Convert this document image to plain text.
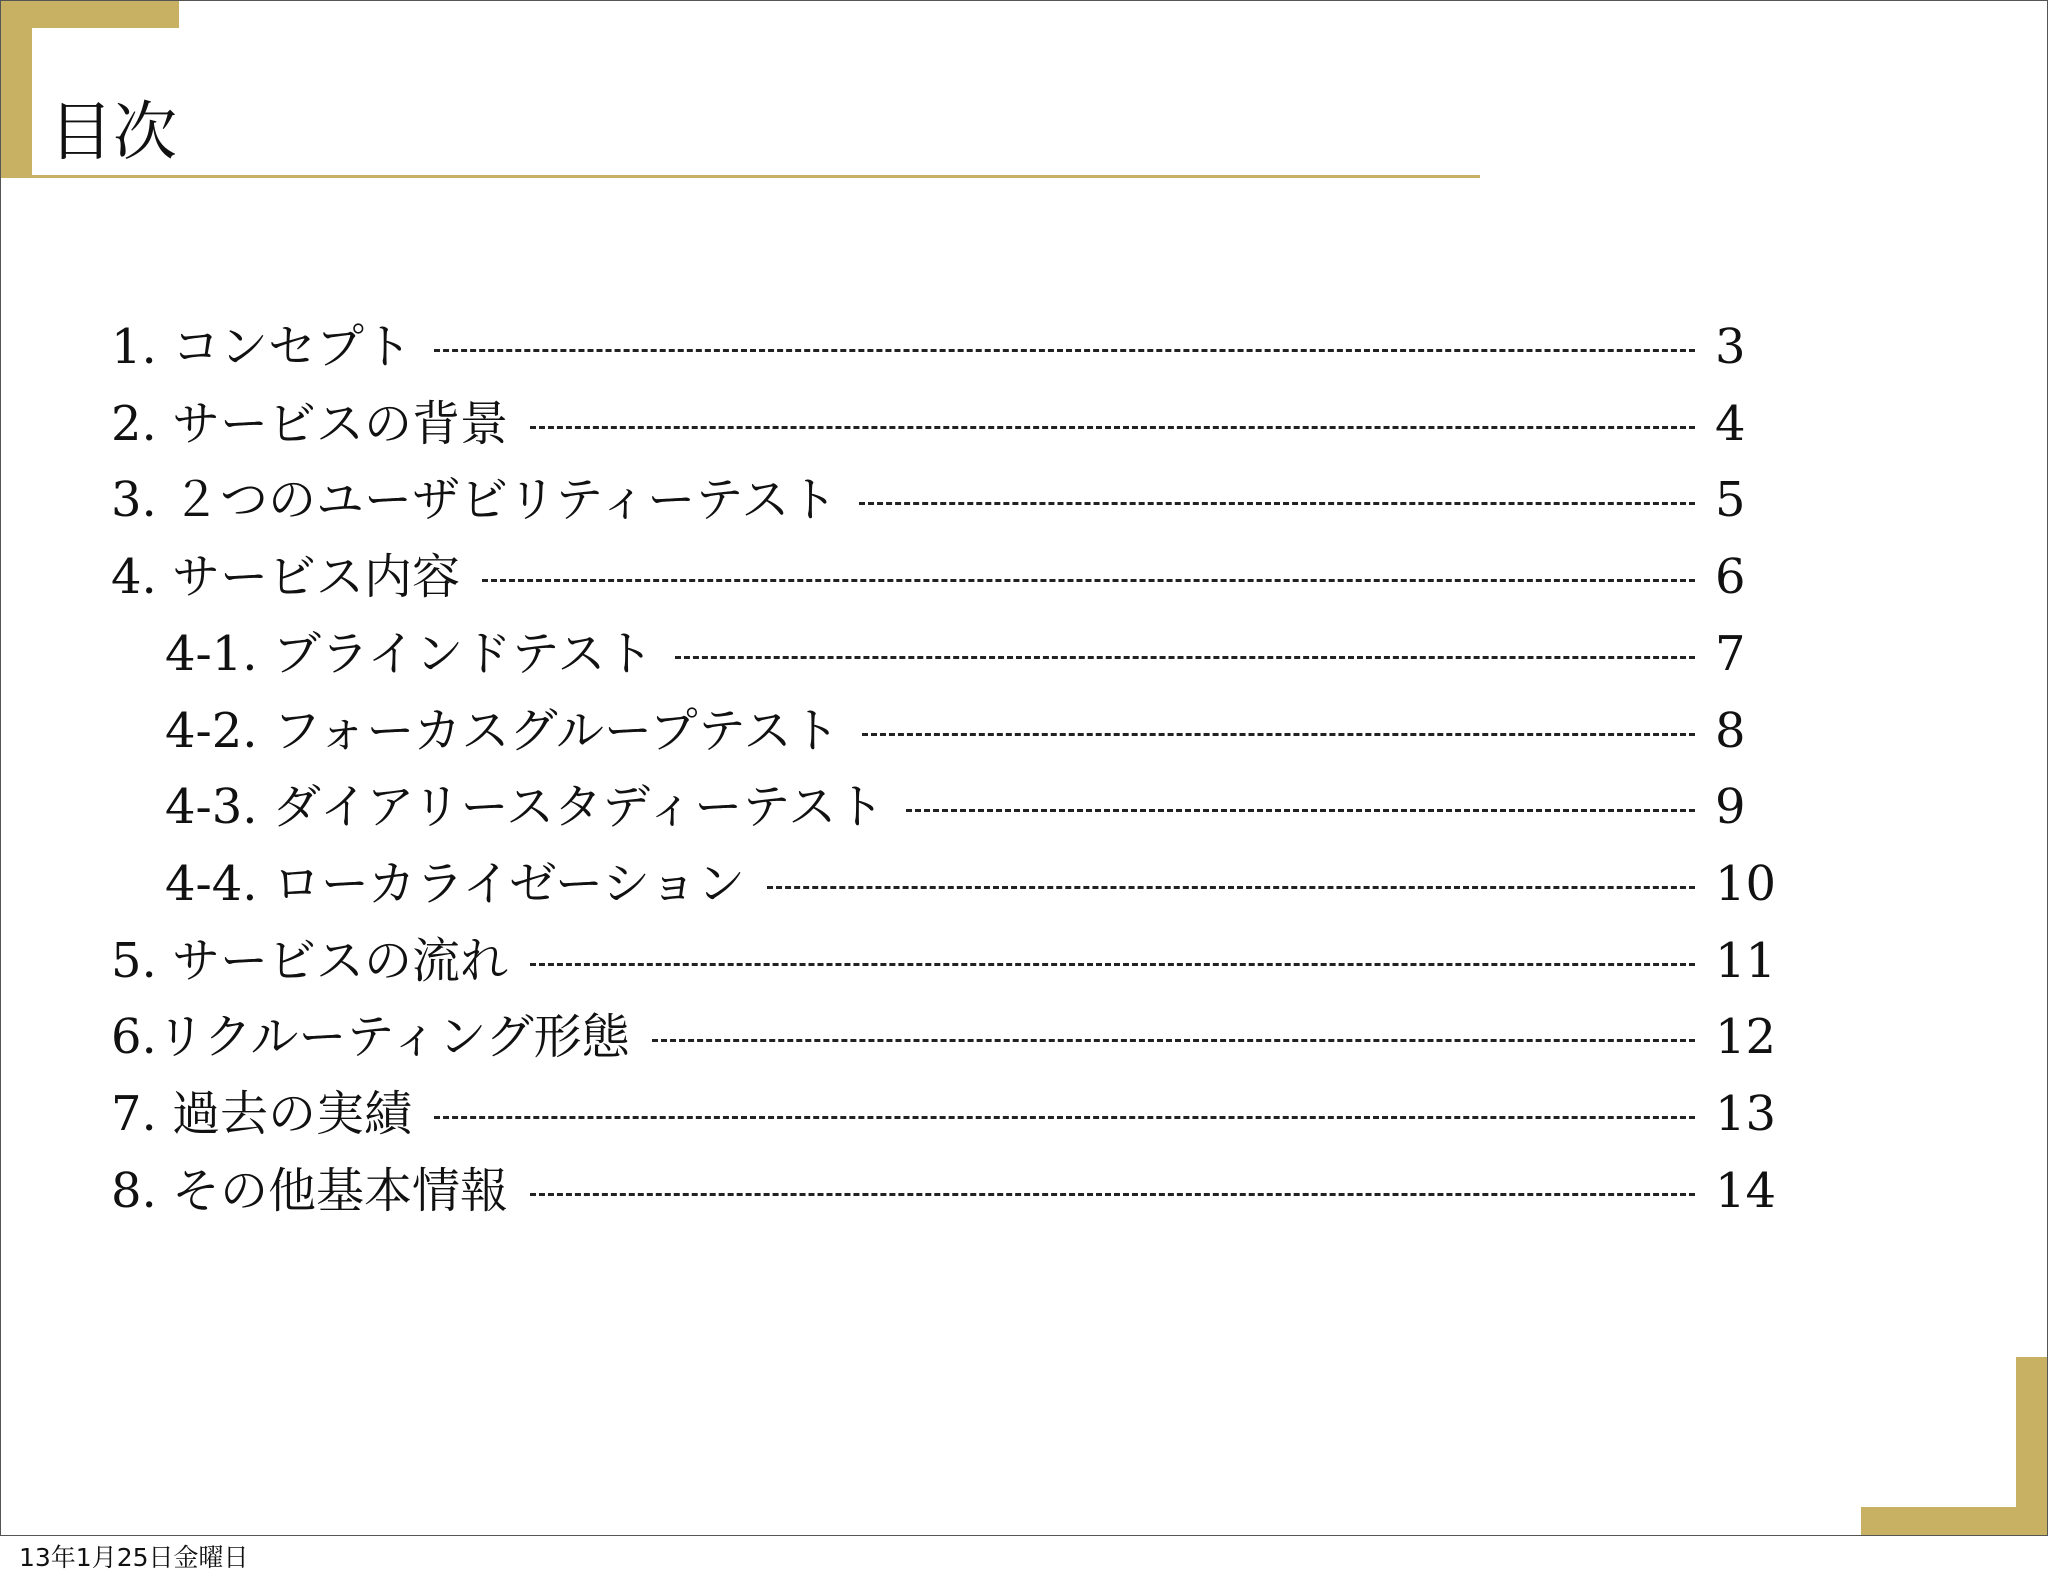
目次
1. コンセプト	3
2. サービスの背景	4
3. ２つのユーザビリティーテスト	5
4. サービス内容	6
4-1. ブラインドテスト	7
4-2. フォーカスグループテスト	8
4-3. ダイアリースタディーテスト	9
4-4. ローカライゼーション	10
5. サービスの流れ	11
6.リクルーティング形態	12
7. 過去の実績	13
8. その他基本情報	14
13年1月25日金曜日
